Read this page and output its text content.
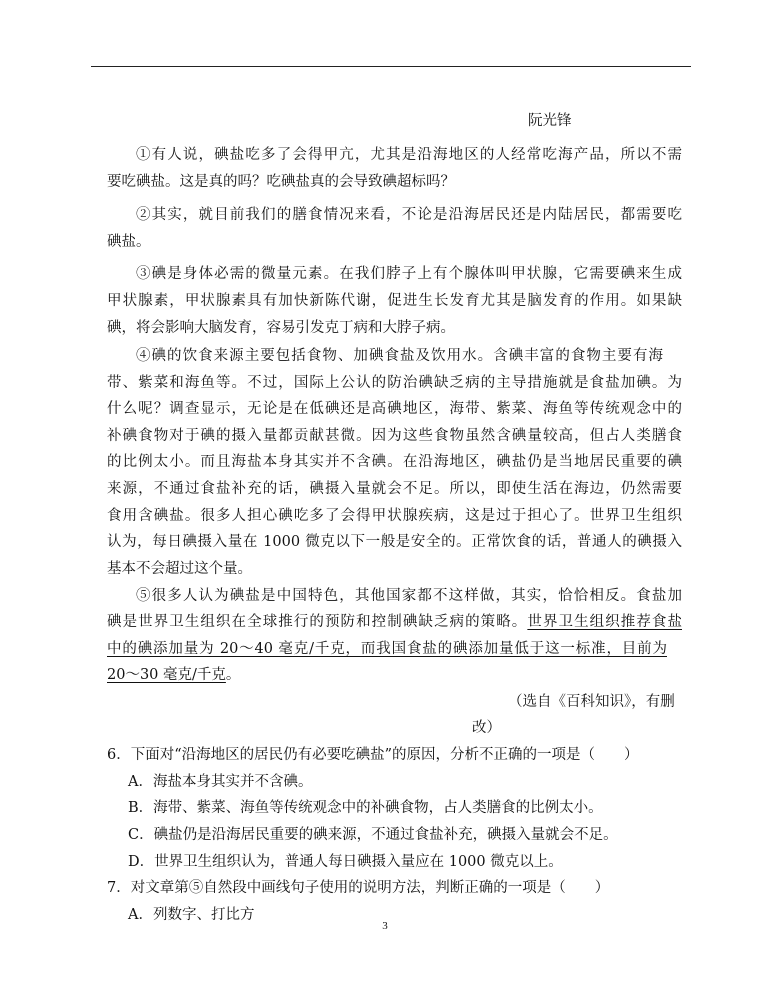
阮光锋
①有人说，碘盐吃多了会得甲亢，尤其是沿海地区的人经常吃海产品，所以不需
要吃碘盐。这是真的吗？吃碘盐真的会导致碘超标吗？
②其实，就目前我们的膳食情况来看，不论是沿海居民还是内陆居民，都需要吃
碘盐。
③碘是身体必需的微量元素。在我们脖子上有个腺体叫甲状腺，它需要碘来生成
甲状腺素，甲状腺素具有加快新陈代谢，促进生长发育尤其是脑发育的作用。如果缺
碘，将会影响大脑发育，容易引发克丁病和大脖子病。
④碘的饮食来源主要包括食物、加碘食盐及饮用水。含碘丰富的食物主要有海
带、紫菜和海鱼等。不过，国际上公认的防治碘缺乏病的主导措施就是食盐加碘。为
什么呢？调查显示，无论是在低碘还是高碘地区，海带、紫菜、海鱼等传统观念中的
补碘食物对于碘的摄入量都贡献甚微。因为这些食物虽然含碘量较高，但占人类膳食
的比例太小。而且海盐本身其实并不含碘。在沿海地区，碘盐仍是当地居民重要的碘
来源，不通过食盐补充的话，碘摄入量就会不足。所以，即使生活在海边，仍然需要
食用含碘盐。很多人担心碘吃多了会得甲状腺疾病，这是过于担心了。世界卫生组织
认为，每日碘摄入量在 1000 微克以下一般是安全的。正常饮食的话，普通人的碘摄入
基本不会超过这个量。
⑤很多人认为碘盐是中国特色，其他国家都不这样做，其实，恰恰相反。食盐加
碘是世界卫生组织在全球推行的预防和控制碘缺乏病的策略。世界卫生组织推荐食盐
中的碘添加量为 20～40 毫克/千克，而我国食盐的碘添加量低于这一标准，目前为
20～30 毫克/千克。
（选自《百科知识》，有删
改）
6．下面对“沿海地区的居民仍有必要吃碘盐”的原因，分析不正确的一项是（　　）
A．海盐本身其实并不含碘。
B．海带、紫菜、海鱼等传统观念中的补碘食物，占人类膳食的比例太小。
C．碘盐仍是沿海居民重要的碘来源，不通过食盐补充，碘摄入量就会不足。
D．世界卫生组织认为，普通人每日碘摄入量应在 1000 微克以上。
7．对文章第⑤自然段中画线句子使用的说明方法，判断正确的一项是（　　）
A．列数字、打比方
3
